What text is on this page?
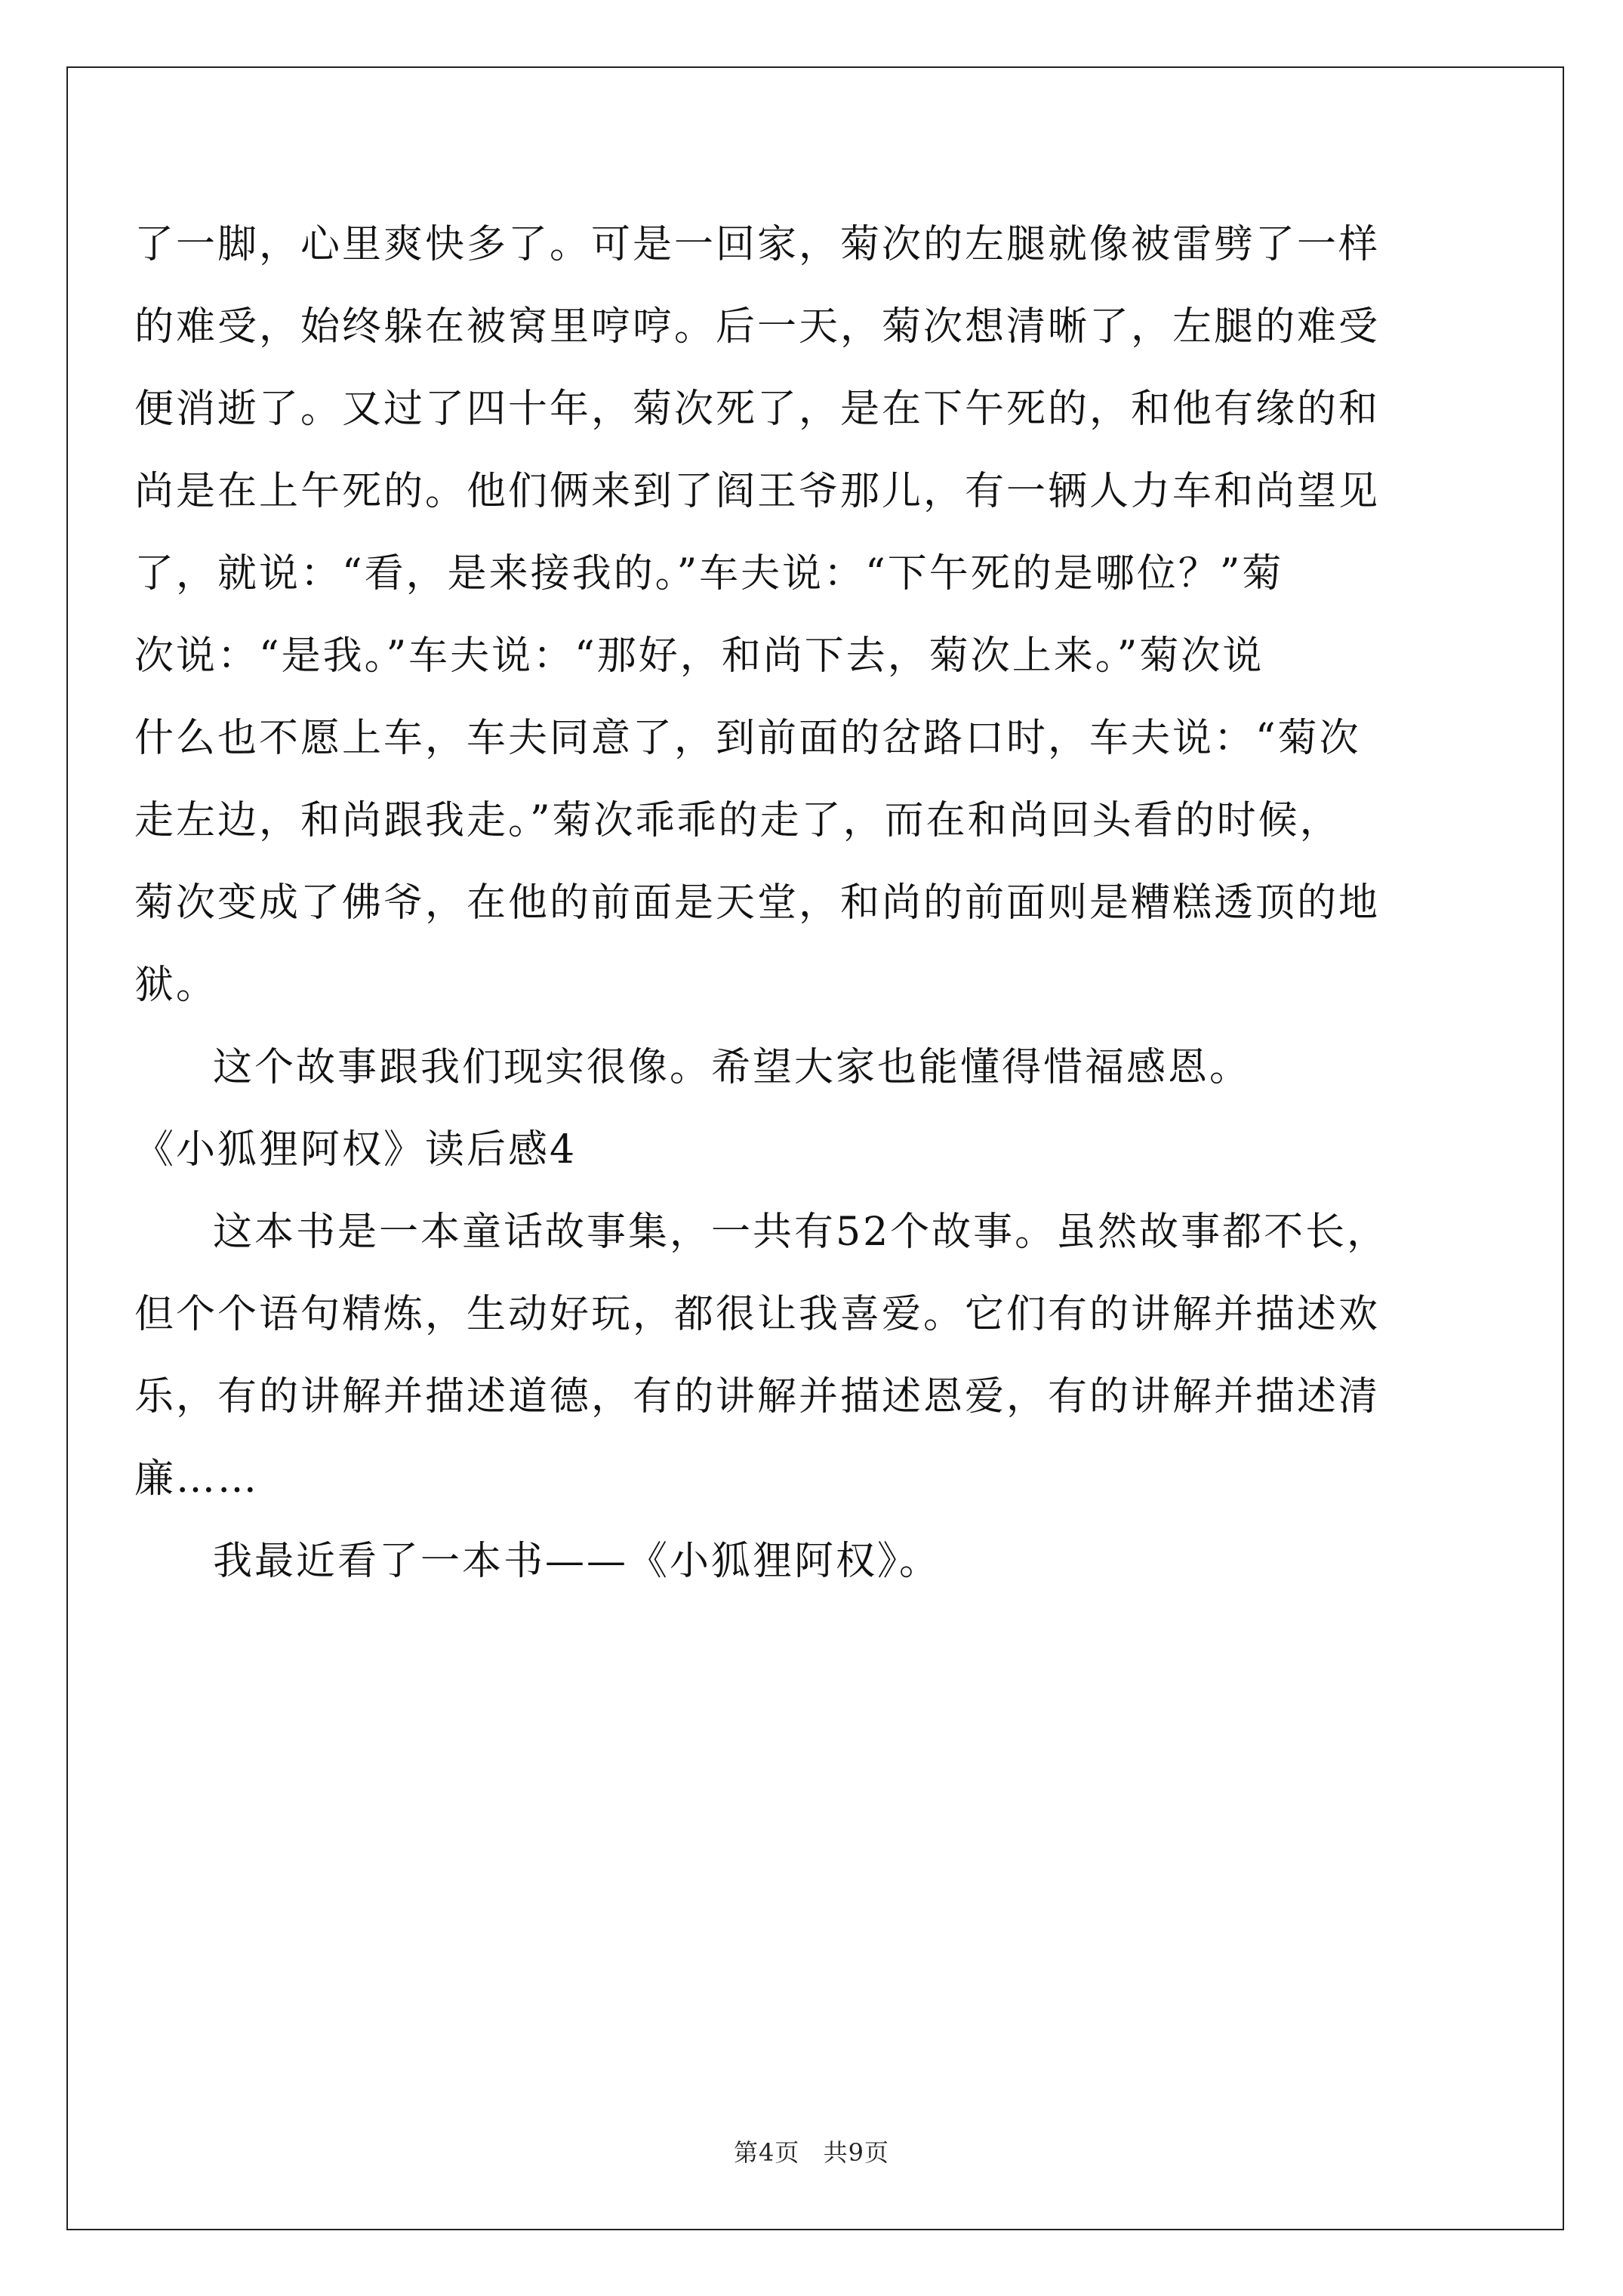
了一脚，心里爽快多了。可是一回家，菊次的左腿就像被雷劈了一样
的难受，始终躲在被窝里哼哼。后一天，菊次想清晰了，左腿的难受
便消逝了。又过了四十年，菊次死了，是在下午死的，和他有缘的和
尚是在上午死的。他们俩来到了阎王爷那儿，有一辆人力车和尚望见
了，就说：“看，是来接我的。”车夫说：“下午死的是哪位？”菊
次说：“是我。”车夫说：“那好，和尚下去，菊次上来。”菊次说
什么也不愿上车，车夫同意了，到前面的岔路口时，车夫说：“菊次
走左边，和尚跟我走。”菊次乖乖的走了，而在和尚回头看的时候，
菊次变成了佛爷，在他的前面是天堂，和尚的前面则是糟糕透顶的地
狱。
这个故事跟我们现实很像。希望大家也能懂得惜福感恩。
《小狐狸阿权》读后感4
这本书是一本童话故事集，一共有52个故事。虽然故事都不长，
但个个语句精炼，生动好玩，都很让我喜爱。它们有的讲解并描述欢
乐，有的讲解并描述道德，有的讲解并描述恩爱，有的讲解并描述清
廉……
我最近看了一本书——《小狐狸阿权》。
第4页 共9页
